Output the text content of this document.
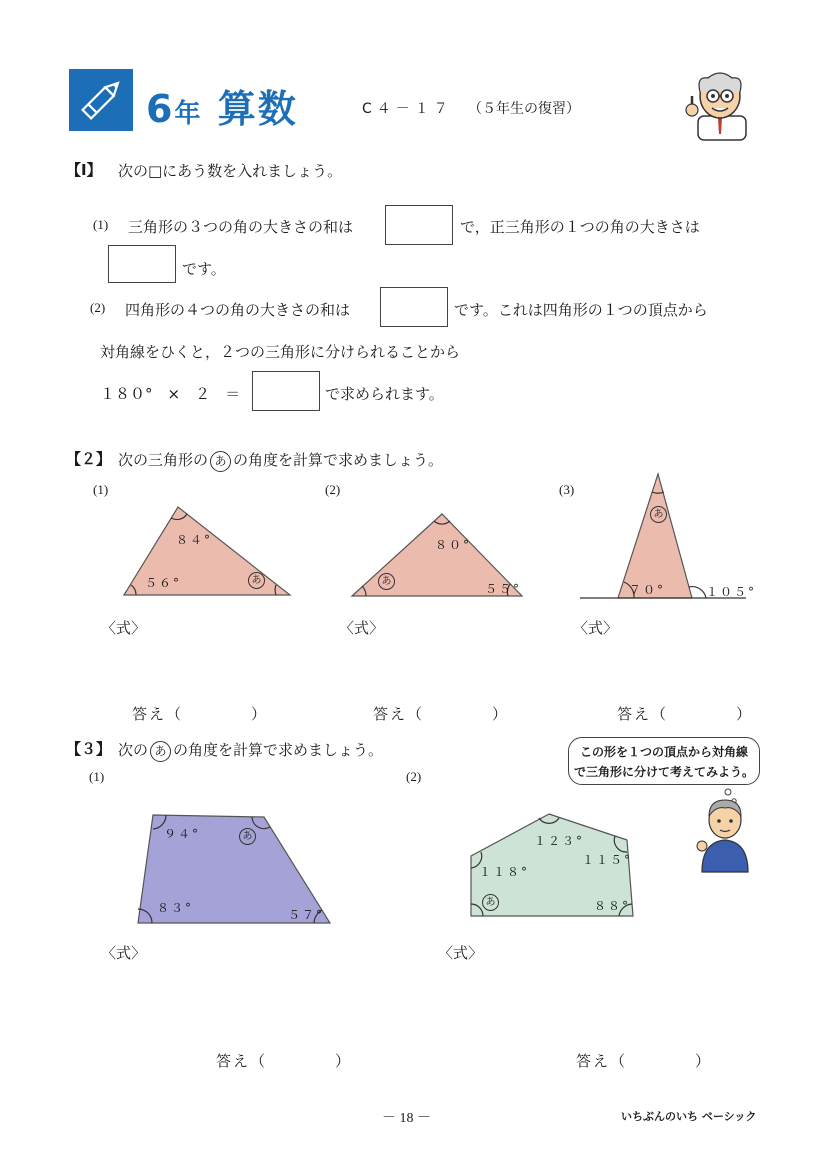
6年 算数	C４－１７ （５年生の復習）
【Ⅰ】 次の□にあう数を入れましょう。
(1) 三角形の３つの角の大きさの和は	で，正三角形の１つの角の大きさは
です。
(2) 四角形の４つの角の大きさの和は	です。これは四角形の１つの頂点から
対角線をひくと，２つの三角形に分けられることから
１８０°　×　２　＝	で求められます。
【２】 次の三角形の あ の角度を計算で求めましょう。
(1)	(2)	(3)
８４°
５６°	あ
８０°
５５°
あ
７０°	１０５°
あ
〈式〉	〈式〉	〈式〉
答え（　　　　）	答え（　　　　）	答え（　　　　）
【３】 次の あ の角度を計算で求めましょう。	この形を１つの頂点から対角線
で三角形に分けて考えてみよう。
(1)	(2)
９４°
８３°	５７°
あ	１２３°
１１５°
１１８°
８８°
あ
〈式〉	〈式〉
答え（　　　　）	答え（　　　　）
－ 18 －	いちぶんのいち ベーシック
